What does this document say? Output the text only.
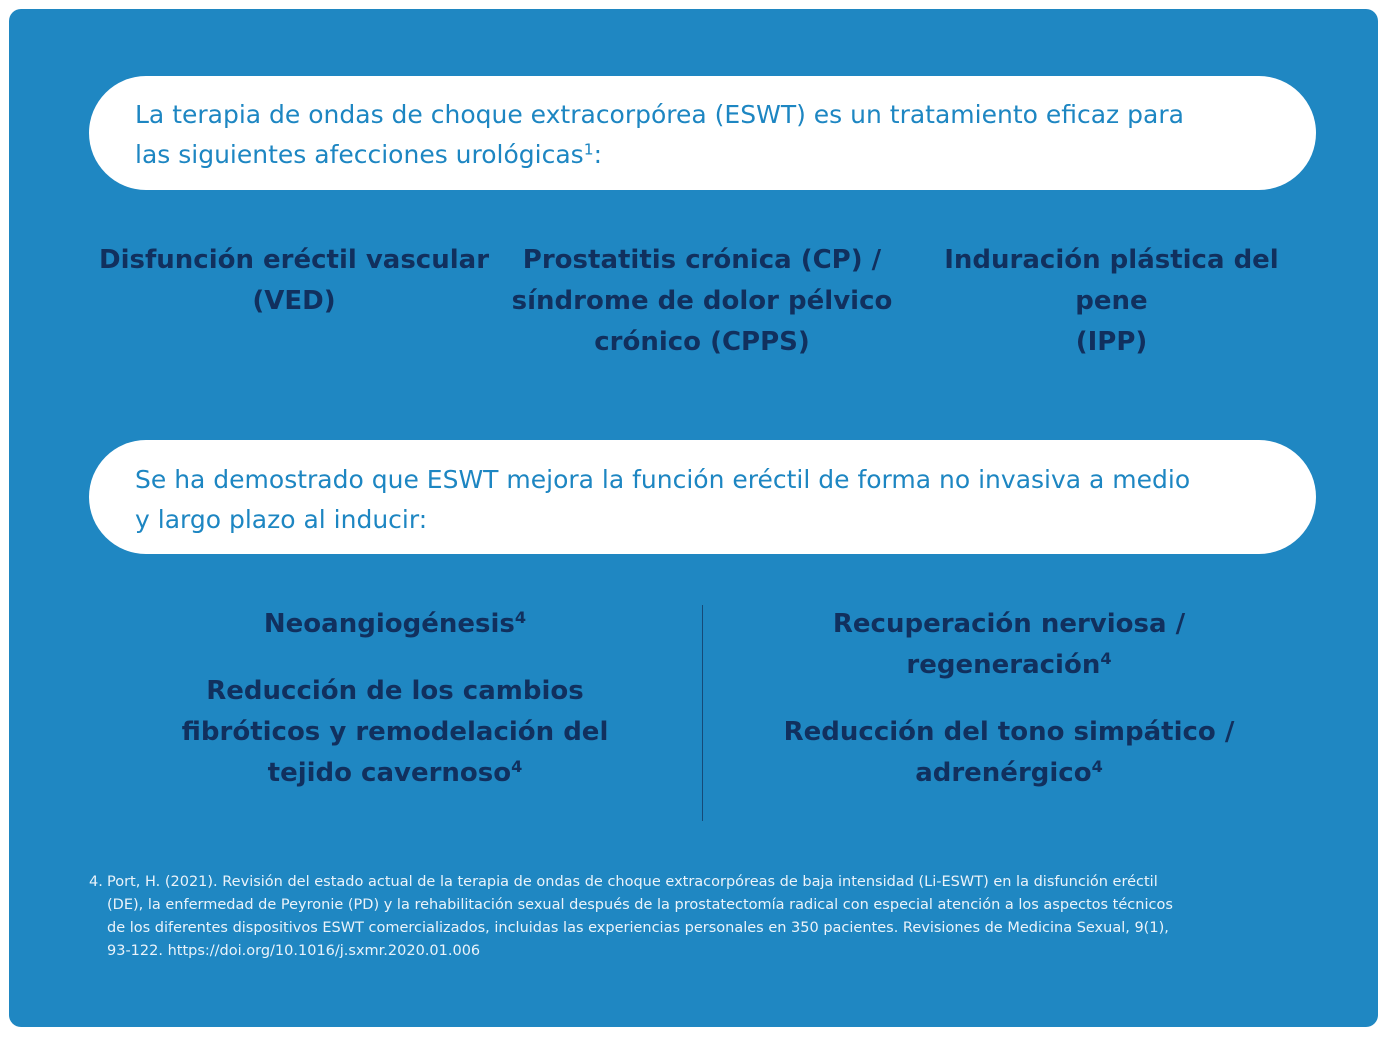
La terapia de ondas de choque extracorpórea (ESWT) es un tratamiento eficaz para
las siguientes afecciones urológicas$^1$:
Disfunción eréctil vascular
(VED)
Prostatitis crónica (CP) /
síndrome de dolor pélvico
crónico (CPPS)
Induración plástica del
pene
(IPP)
Se ha demostrado que ESWT mejora la función eréctil de forma no invasiva a medio
y largo plazo al inducir:

Neoangiogénesis$^4$

Reducción de los cambios
fibróticos y remodelación del
tejido cavernoso$^4$

Recuperación nerviosa /
regeneración$^4$

Reducción del tono simpático /
adrenérgico$^4$

4. Port, H. (2021). Revisión del estado actual de la terapia de ondas de choque extracorpóreas de baja intensidad (Li-ESWT) en la disfunción eréctil
(DE), la enfermedad de Peyronie (PD) y la rehabilitación sexual después de la prostatectomía radical con especial atención a los aspectos técnicos
de los diferentes dispositivos ESWT comercializados, incluidas las experiencias personales en 350 pacientes. Revisiones de Medicina Sexual, 9(1),
93-122. https://doi.org/10.1016/j.sxmr.2020.01.006
